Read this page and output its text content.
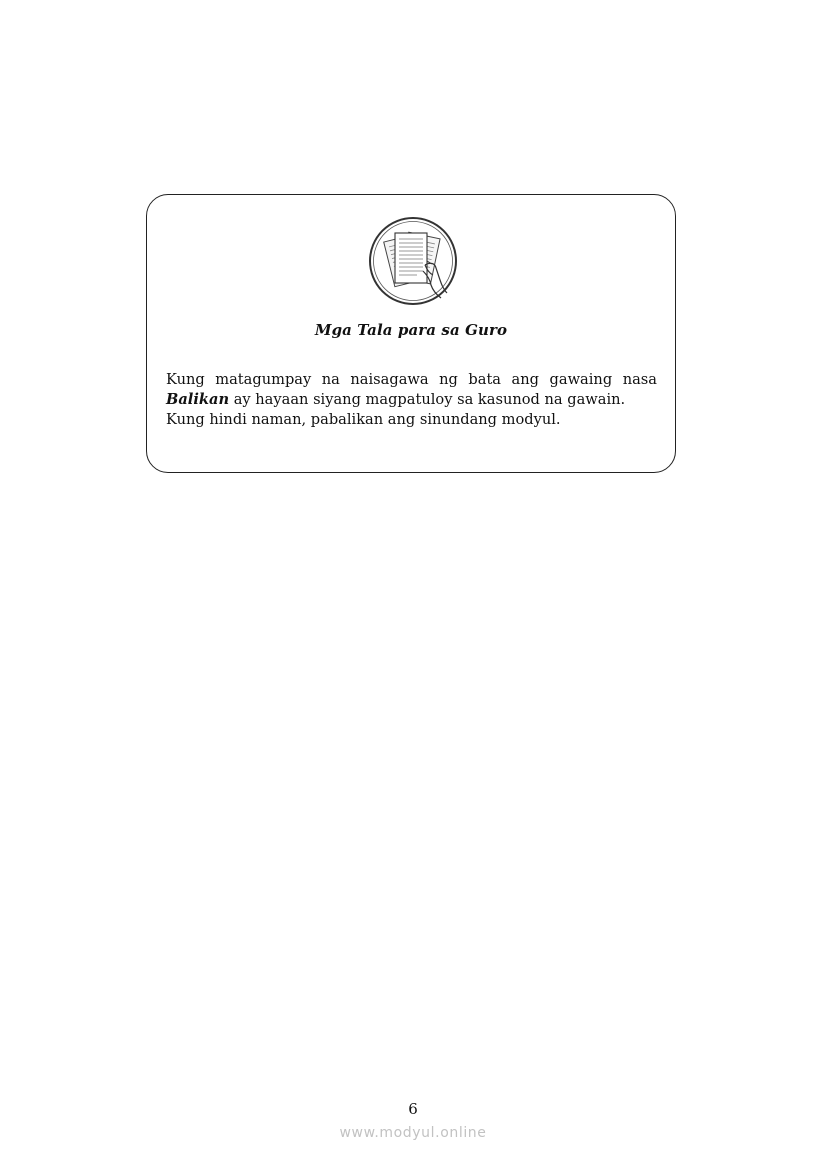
Mga Tala para sa Guro

Kung matagumpay na naisagawa ng bata ang gawaing nasa Balikan ay hayaan siyang magpatuloy sa kasunod na gawain.
Kung hindi naman, pabalikan ang sinundang modyul.

6
www.modyul.online
